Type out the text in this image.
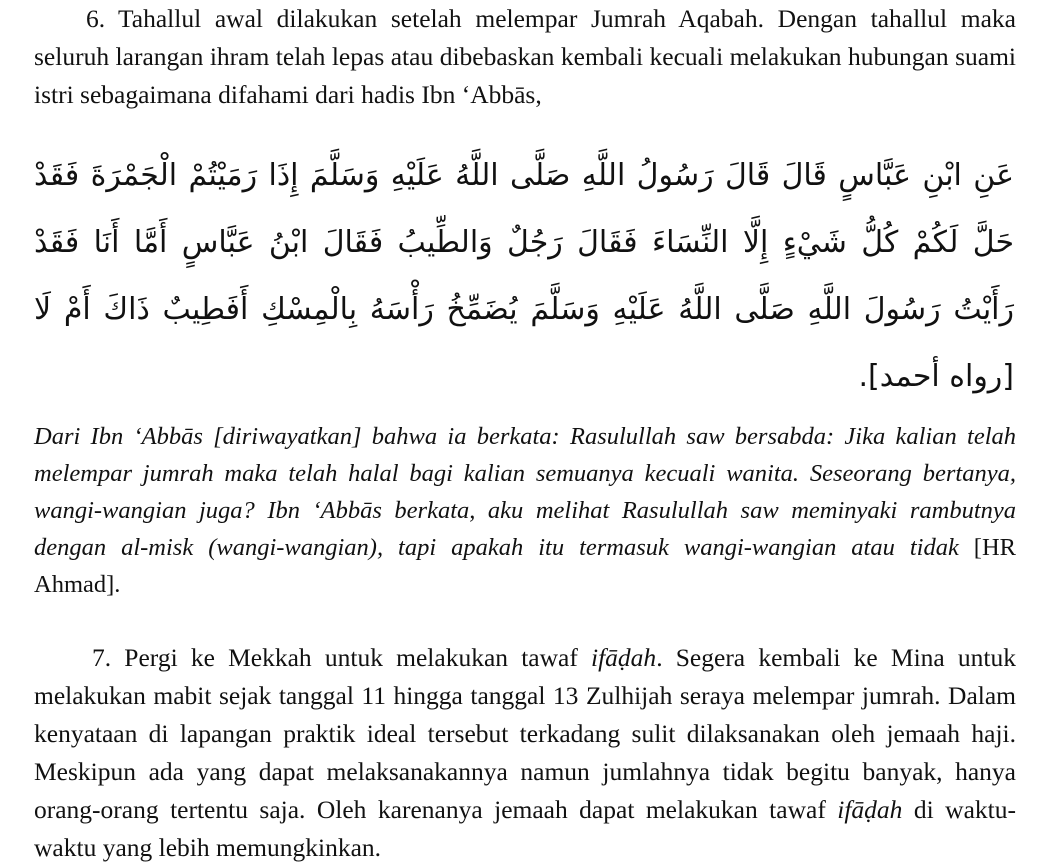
6. Tahallul awal dilakukan setelah melempar Jumrah Aqabah. Dengan tahallul maka seluruh larangan ihram telah lepas atau dibebaskan kembali kecuali melakukan hubungan suami istri sebagaimana difahami dari hadis Ibn ‘Abbās,

عَنِ ابْنِ عَبَّاسٍ قَالَ قَالَ رَسُولُ اللَّهِ صَلَّى اللَّهُ عَلَيْهِ وَسَلَّمَ إِذَا رَمَيْتُمْ الْجَمْرَةَ فَقَدْ حَلَّ لَكُمْ كُلُّ شَيْءٍ إِلَّا النِّسَاءَ فَقَالَ رَجُلٌ وَالطِّيبُ فَقَالَ ابْنُ عَبَّاسٍ أَمَّا أَنَا فَقَدْ رَأَيْتُ رَسُولَ اللَّهِ صَلَّى اللَّهُ عَلَيْهِ وَسَلَّمَ يُضَمِّخُ رَأْسَهُ بِالْمِسْكِ أَفَطِيبٌ ذَاكَ أَمْ لَا [رواه أحمد].

Dari Ibn ‘Abbās [diriwayatkan] bahwa ia berkata: Rasulullah saw bersabda: Jika kalian telah melempar jumrah maka telah halal bagi kalian semuanya kecuali wanita. Seseorang bertanya, wangi-wangian juga? Ibn ‘Abbās berkata, aku melihat Rasulullah saw meminyaki rambutnya dengan al-misk (wangi-wangian), tapi apakah itu termasuk wangi-wangian atau tidak [HR Ahmad].

7. Pergi ke Mekkah untuk melakukan tawaf ifāḍah. Segera kembali ke Mina untuk melakukan mabit sejak tanggal 11 hingga tanggal 13 Zulhijah seraya melempar jumrah. Dalam kenyataan di lapangan praktik ideal tersebut terkadang sulit dilaksanakan oleh jemaah haji. Meskipun ada yang dapat melaksanakannya namun jumlahnya tidak begitu banyak, hanya orang-orang tertentu saja. Oleh karenanya jemaah dapat melakukan tawaf ifāḍah di waktu-waktu yang lebih memungkinkan.
